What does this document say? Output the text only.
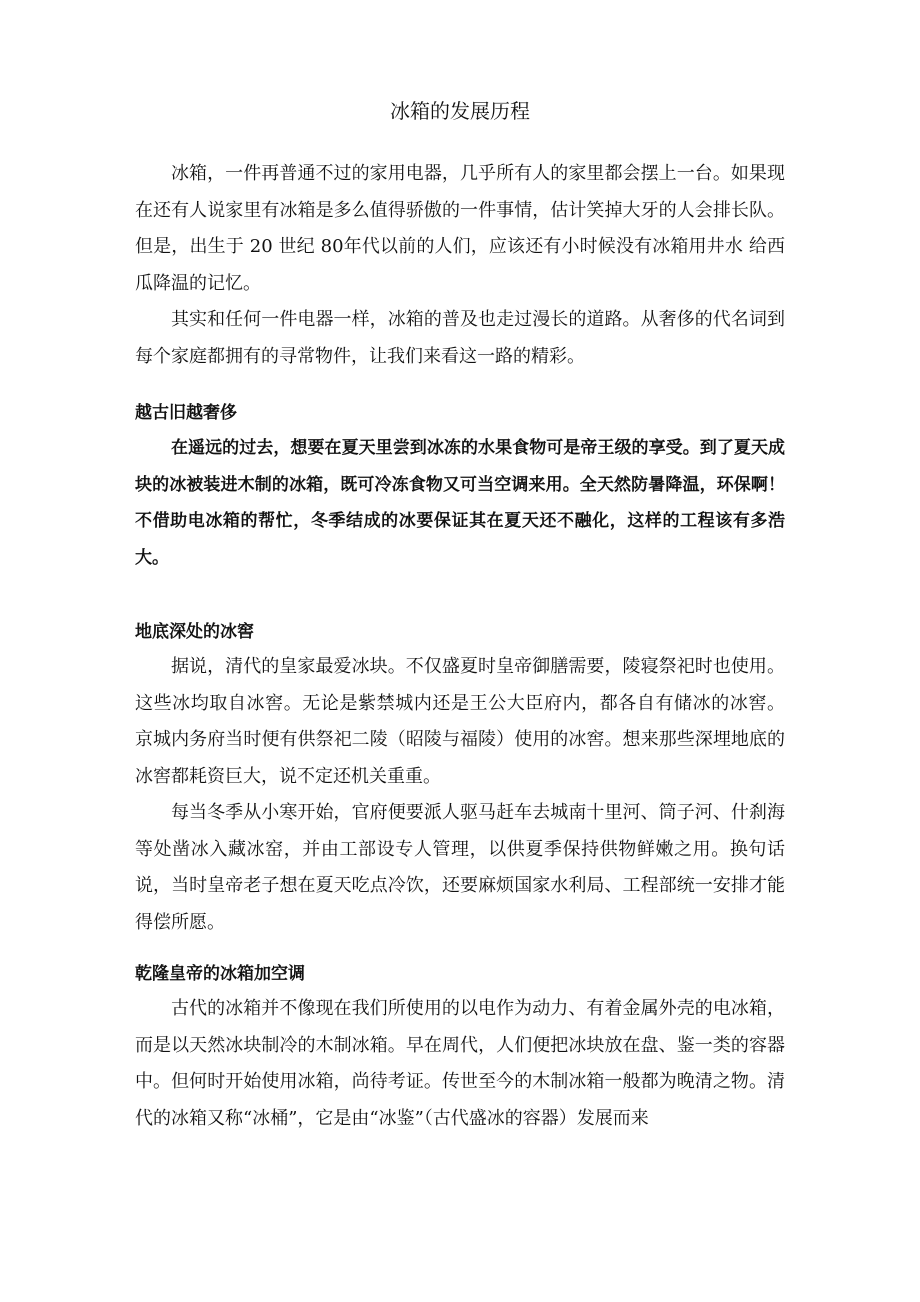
冰箱的发展历程

冰箱，一件再普通不过的家用电器，几乎所有人的家里都会摆上一台。如果现在还有人说家里有冰箱是多么值得骄傲的一件事情，估计笑掉大牙的人会排长队。但是，出生于 20 世纪 80年代以前的人们，应该还有小时候没有冰箱用井水 给西瓜降温的记忆。

其实和任何一件电器一样，冰箱的普及也走过漫长的道路。从奢侈的代名词到每个家庭都拥有的寻常物件，让我们来看这一路的精彩。

越古旧越奢侈

在遥远的过去，想要在夏天里尝到冰冻的水果食物可是帝王级的享受。到了夏天成块的冰被装进木制的冰箱，既可冷冻食物又可当空调来用。全天然防暑降温，环保啊！不借助电冰箱的帮忙，冬季结成的冰要保证其在夏天还不融化，这样的工程该有多浩大。

地底深处的冰窖

据说，清代的皇家最爱冰块。不仅盛夏时皇帝御膳需要，陵寝祭祀时也使用。 这些冰均取自冰窖。无论是紫禁城内还是王公大臣府内，都各自有储冰的冰窖。 京城内务府当时便有供祭祀二陵（昭陵与福陵）使用的冰窖。想来那些深埋地底的 冰窖都耗资巨大，说不定还机关重重。

每当冬季从小寒开始，官府便要派人驱马赶车去城南十里河、筒子河、什刹海等处凿冰入藏冰窑，并由工部设专人管理，以供夏季保持供物鲜嫩之用。换句话说，当时皇帝老子想在夏天吃点冷饮，还要麻烦国家水利局、工程部统一安排才能得偿所愿。

乾隆皇帝的冰箱加空调

古代的冰箱并不像现在我们所使用的以电作为动力、有着金属外壳的电冰箱，而是以天然冰块制冷的木制冰箱。早在周代，人们便把冰块放在盘、鉴一类的容器中。但何时开始使用冰箱，尚待考证。传世至今的木制冰箱一般都为晚清之物。清代的冰箱又称“冰桶”，它是由“冰鉴”（古代盛冰的容器）发展而来
